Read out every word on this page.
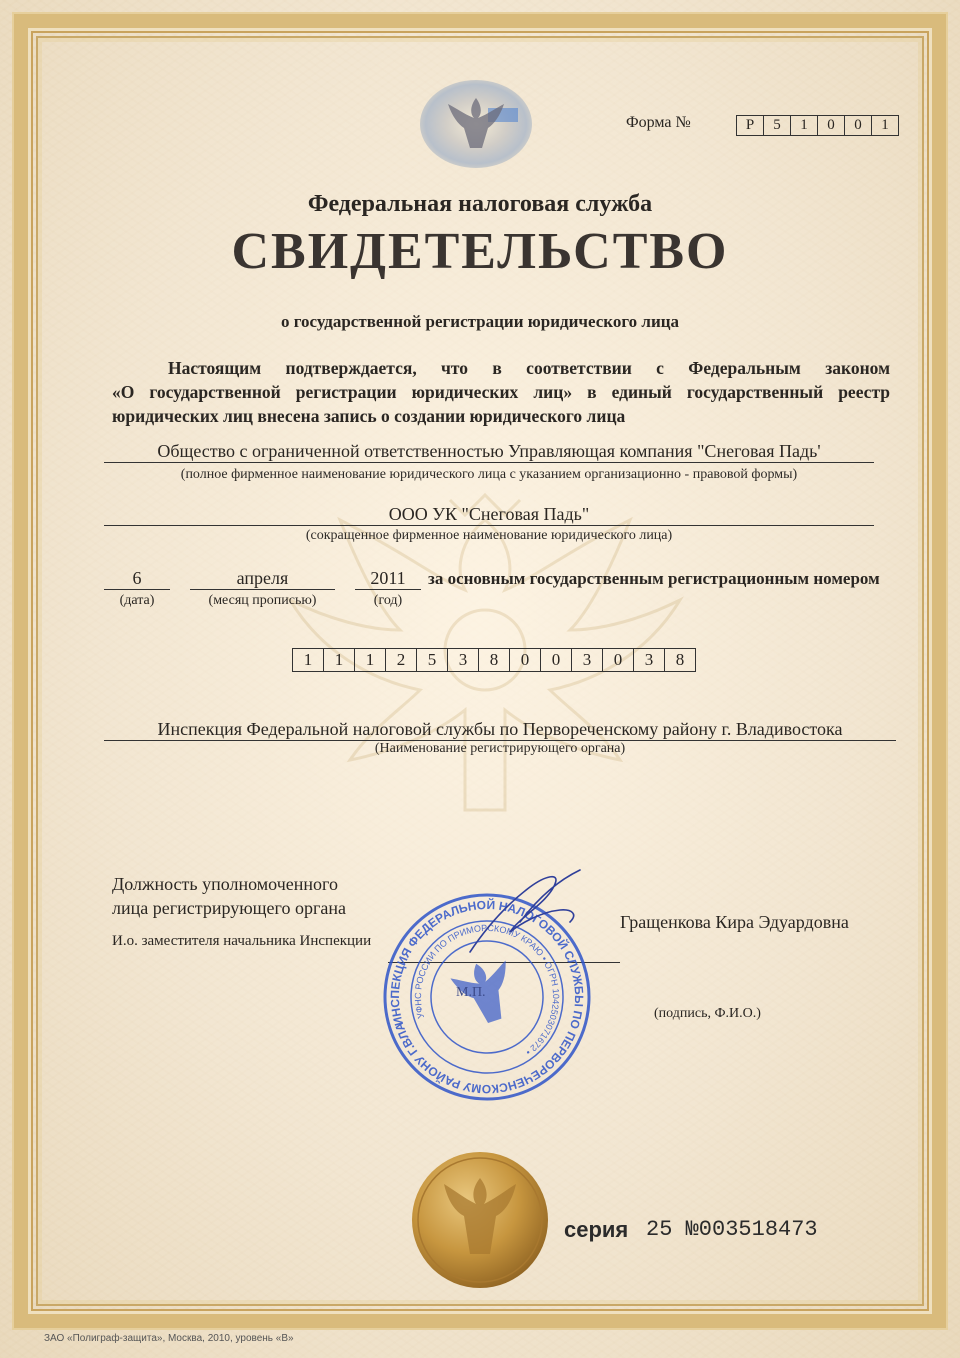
Форма №	Р	5	1	0	0	1
Федеральная налоговая служба
СВИДЕТЕЛЬСТВО
о государственной регистрации юридического лица
Настоящим подтверждается, что в соответствии с Федеральным законом
«О государственной регистрации юридических лиц» в единый государственный реестр
юридических лиц внесена запись о создании юридического лица
Общество с ограниченной ответственностью Управляющая компания "Снеговая Падь'
(полное фирменное наименование юридического лица с указанием организационно - правовой формы)
ООО УК "Снеговая Падь"
(сокращенное фирменное наименование юридического лица)
6
(дата)
апреля
(месяц прописью)
2011
(год)
за основным государственным регистрационным номером
1	1	1	2	5	3	8	0	0	3	0	3	8
Инспекция Федеральной налоговой службы по Первореченскому району г. Владивостока
(Наименование регистрирующего органа)
Должность уполномоченного
лица регистрирующего органа
И.о. заместителя начальника Инспекции
Гращенкова Кира Эдуардовна
(подпись, Ф.И.О.)
ИНСПЕКЦИЯ ФЕДЕРАЛЬНОЙ НАЛОГОВОЙ СЛУЖБЫ ПО ПЕРВОРЕЧЕНСКОМУ РАЙОНУ Г.ВЛАДИВОСТОКА
УФНС РОССИИ ПО ПРИМОРСКОМУ КРАЮ • ОГРН 1042503071672 •
М.П.
серия 25 №003518473
ЗАО «Полиграф-защита», Москва, 2010, уровень «В»
